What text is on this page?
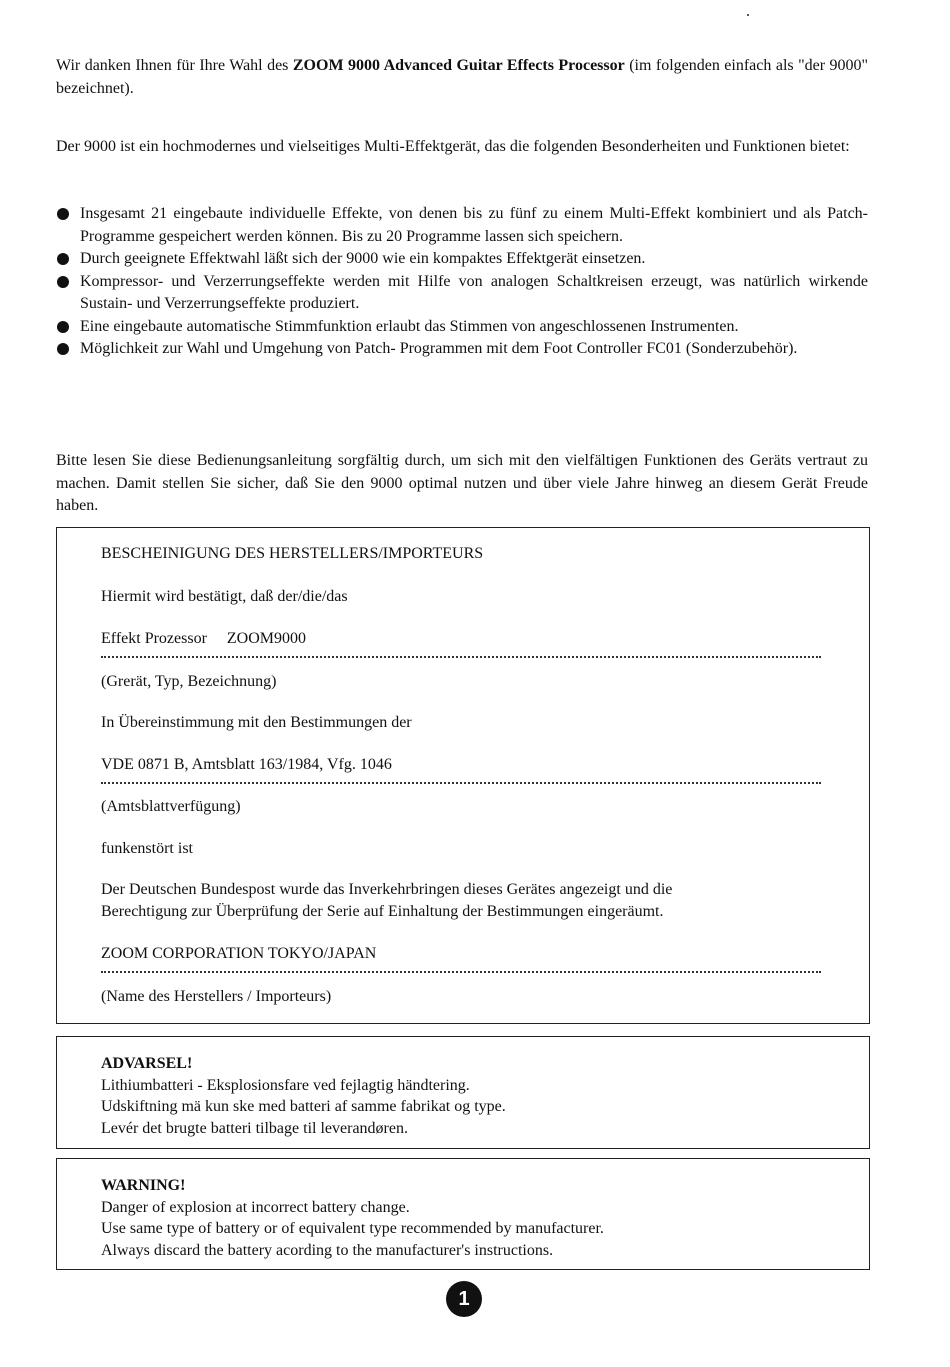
Wir danken Ihnen für Ihre Wahl des ZOOM 9000 Advanced Guitar Effects Processor (im folgenden einfach als "der 9000" bezeichnet).

Der 9000 ist ein hochmodernes und vielseitiges Multi-Effektgerät, das die folgenden Besonderheiten und Funktionen bietet:

Insgesamt 21 eingebaute individuelle Effekte, von denen bis zu fünf zu einem Multi-Effekt kombiniert und als Patch-Programme gespeichert werden können. Bis zu 20 Programme lassen sich speichern.
Durch geeignete Effektwahl läßt sich der 9000 wie ein kompaktes Effektgerät einsetzen.
Kompressor- und Verzerrungseffekte werden mit Hilfe von analogen Schaltkreisen erzeugt, was natürlich wirkende Sustain- und Verzerrungseffekte produziert.
Eine eingebaute automatische Stimmfunktion erlaubt das Stimmen von angeschlossenen Instrumenten.
Möglichkeit zur Wahl und Umgehung von Patch- Programmen mit dem Foot Controller FC01 (Sonderzubehör).

Bitte lesen Sie diese Bedienungsanleitung sorgfältig durch, um sich mit den vielfältigen Funktionen des Geräts vertraut zu machen. Damit stellen Sie sicher, daß Sie den 9000 optimal nutzen und über viele Jahre hinweg an diesem Gerät Freude haben.

BESCHEINIGUNG DES HERSTELLERS/IMPORTEURS
Hiermit wird bestätigt, daß der/die/das
Effekt Prozessor ZOOM9000
(Grerät, Typ, Bezeichnung)
In Übereinstimmung mit den Bestimmungen der
VDE 0871 B, Amtsblatt 163/1984, Vfg. 1046
(Amtsblattverfügung)
funkenstört ist
Der Deutschen Bundespost wurde das Inverkehrbringen dieses Gerätes angezeigt und die
Berechtigung zur Überprüfung der Serie auf Einhaltung der Bestimmungen eingeräumt.
ZOOM CORPORATION TOKYO/JAPAN
(Name des Herstellers / Importeurs)
ADVARSEL!
Lithiumbatteri - Eksplosionsfare ved fejlagtig händtering.
Udskiftning mä kun ske med batteri af samme fabrikat og type.
Levér det brugte batteri tilbage til leverandøren.
WARNING!
Danger of explosion at incorrect battery change.
Use same type of battery or of equivalent type recommended by manufacturer.
Always discard the battery acording to the manufacturer's instructions.
1
